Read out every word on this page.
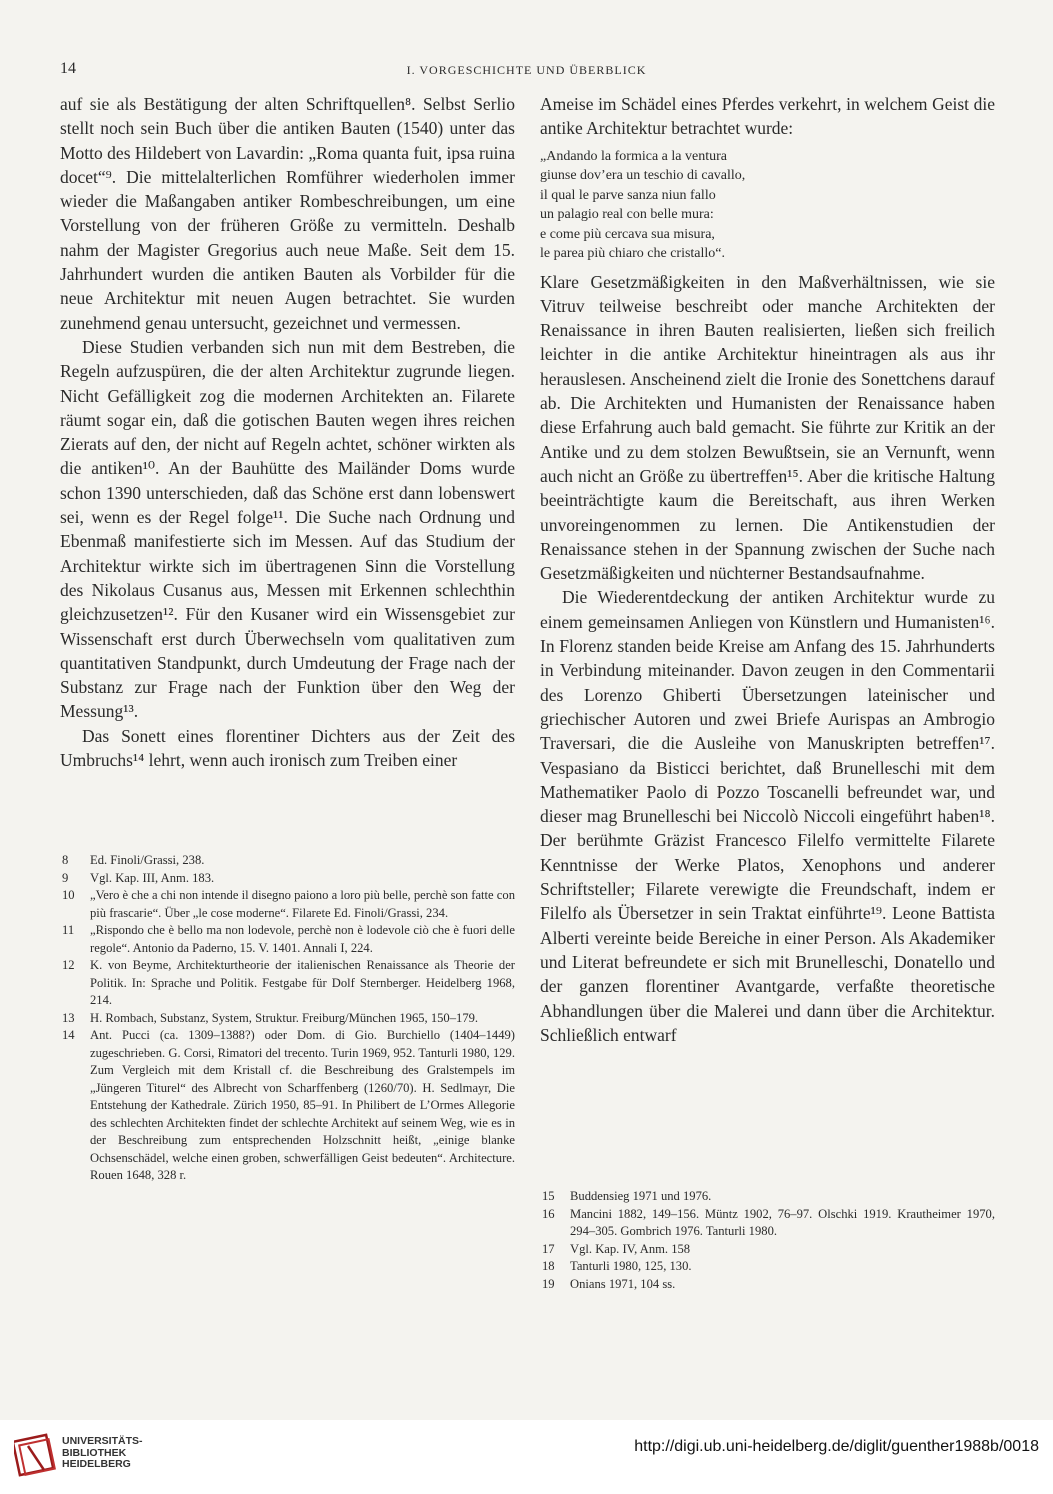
14	I. VORGESCHICHTE UND ÜBERBLICK

auf sie als Bestätigung der alten Schriftquellen⁸. Selbst Serlio stellt noch sein Buch über die antiken Bauten (1540) unter das Motto des Hildebert von Lavardin: „Roma quanta fuit, ipsa ruina docet“⁹. Die mittelalterlichen Romführer wiederholen immer wieder die Maßangaben antiker Rombeschreibungen, um eine Vorstellung von der früheren Größe zu vermitteln. Deshalb nahm der Magister Gregorius auch neue Maße. Seit dem 15. Jahrhundert wurden die antiken Bauten als Vorbilder für die neue Architektur mit neuen Augen betrachtet. Sie wurden zunehmend genau untersucht, gezeichnet und vermessen.

Diese Studien verbanden sich nun mit dem Bestreben, die Regeln aufzuspüren, die der alten Architektur zugrunde liegen. Nicht Gefälligkeit zog die modernen Architekten an. Filarete räumt sogar ein, daß die gotischen Bauten wegen ihres reichen Zierats auf den, der nicht auf Regeln achtet, schöner wirkten als die antiken¹⁰. An der Bauhütte des Mailänder Doms wurde schon 1390 unterschieden, daß das Schöne erst dann lobenswert sei, wenn es der Regel folge¹¹. Die Suche nach Ordnung und Ebenmaß manifestierte sich im Messen. Auf das Studium der Architektur wirkte sich im übertragenen Sinn die Vorstellung des Nikolaus Cusanus aus, Messen mit Erkennen schlechthin gleichzusetzen¹². Für den Kusaner wird ein Wissensgebiet zur Wissenschaft erst durch Überwechseln vom qualitativen zum quantitativen Standpunkt, durch Umdeutung der Frage nach der Substanz zur Frage nach der Funktion über den Weg der Messung¹³.

Das Sonett eines florentiner Dichters aus der Zeit des Umbruchs¹⁴ lehrt, wenn auch ironisch zum Treiben einer

Ameise im Schädel eines Pferdes verkehrt, in welchem Geist die antike Architektur betrachtet wurde:

„Andando la formica a la ventura
giunse dov’era un teschio di cavallo,
il qual le parve sanza niun fallo
un palagio real con belle mura:
e come più cercava sua misura,
le parea più chiaro che cristallo“.

Klare Gesetzmäßigkeiten in den Maßverhältnissen, wie sie Vitruv teilweise beschreibt oder manche Architekten der Renaissance in ihren Bauten realisierten, ließen sich freilich leichter in die antike Architektur hineintragen als aus ihr herauslesen. Anscheinend zielt die Ironie des Sonettchens darauf ab. Die Architekten und Humanisten der Renaissance haben diese Erfahrung auch bald gemacht. Sie führte zur Kritik an der Antike und zu dem stolzen Bewußtsein, sie an Vernunft, wenn auch nicht an Größe zu übertreffen¹⁵. Aber die kritische Haltung beeinträchtigte kaum die Bereitschaft, aus ihren Werken unvoreingenommen zu lernen. Die Antikenstudien der Renaissance stehen in der Spannung zwischen der Suche nach Gesetzmäßigkeiten und nüchterner Bestandsaufnahme.

Die Wiederentdeckung der antiken Architektur wurde zu einem gemeinsamen Anliegen von Künstlern und Humanisten¹⁶. In Florenz standen beide Kreise am Anfang des 15. Jahrhunderts in Verbindung miteinander. Davon zeugen in den Commentarii des Lorenzo Ghiberti Übersetzungen lateinischer und griechischer Autoren und zwei Briefe Aurispas an Ambrogio Traversari, die die Ausleihe von Manuskripten betreffen¹⁷. Vespasiano da Bisticci berichtet, daß Brunelleschi mit dem Mathematiker Paolo di Pozzo Toscanelli befreundet war, und dieser mag Brunelleschi bei Niccolò Niccoli eingeführt haben¹⁸. Der berühmte Gräzist Francesco Filelfo vermittelte Filarete Kenntnisse der Werke Platos, Xenophons und anderer Schriftsteller; Filarete verewigte die Freundschaft, indem er Filelfo als Übersetzer in sein Traktat einführte¹⁹. Leone Battista Alberti vereinte beide Bereiche in einer Person. Als Akademiker und Literat befreundete er sich mit Brunelleschi, Donatello und der ganzen florentiner Avantgarde, verfaßte theoretische Abhandlungen über die Malerei und dann über die Architektur. Schließlich entwarf

8	Ed. Finoli/Grassi, 238.
9	Vgl. Kap. III, Anm. 183.
10	„Vero è che a chi non intende il disegno paiono a loro più belle, perchè son fatte con più frascarie“. Über „le cose moderne“. Filarete Ed. Finoli/Grassi, 234.
11	„Rispondo che è bello ma non lodevole, perchè non è lodevole ciò che è fuori delle regole“. Antonio da Paderno, 15. V. 1401. Annali I, 224.
12	K. von Beyme, Architekturtheorie der italienischen Renaissance als Theorie der Politik. In: Sprache und Politik. Festgabe für Dolf Sternberger. Heidelberg 1968, 214.
13	H. Rombach, Substanz, System, Struktur. Freiburg/München 1965, 150–179.
14	Ant. Pucci (ca. 1309–1388?) oder Dom. di Gio. Burchiello (1404–1449) zugeschrieben. G. Corsi, Rimatori del trecento. Turin 1969, 952. Tanturli 1980, 129. Zum Vergleich mit dem Kristall cf. die Beschreibung des Gralstempels im „Jüngeren Titurel“ des Albrecht von Scharffenberg (1260/70). H. Sedlmayr, Die Entstehung der Kathedrale. Zürich 1950, 85–91. In Philibert de L’Ormes Allegorie des schlechten Architekten findet der schlechte Architekt auf seinem Weg, wie es in der Beschreibung zum entsprechenden Holzschnitt heißt, „einige blanke Ochsenschädel, welche einen groben, schwerfälligen Geist bedeuten“. Architecture. Rouen 1648, 328 r.
15	Buddensieg 1971 und 1976.
16	Mancini 1882, 149–156. Müntz 1902, 76–97. Olschki 1919. Krautheimer 1970, 294–305. Gombrich 1976. Tanturli 1980.
17	Vgl. Kap. IV, Anm. 158
18	Tanturli 1980, 125, 130.
19	Onians 1971, 104 ss.
UNIVERSITÄTS-
BIBLIOTHEK
HEIDELBERG
http://digi.ub.uni-heidelberg.de/diglit/guenther1988b/0018
